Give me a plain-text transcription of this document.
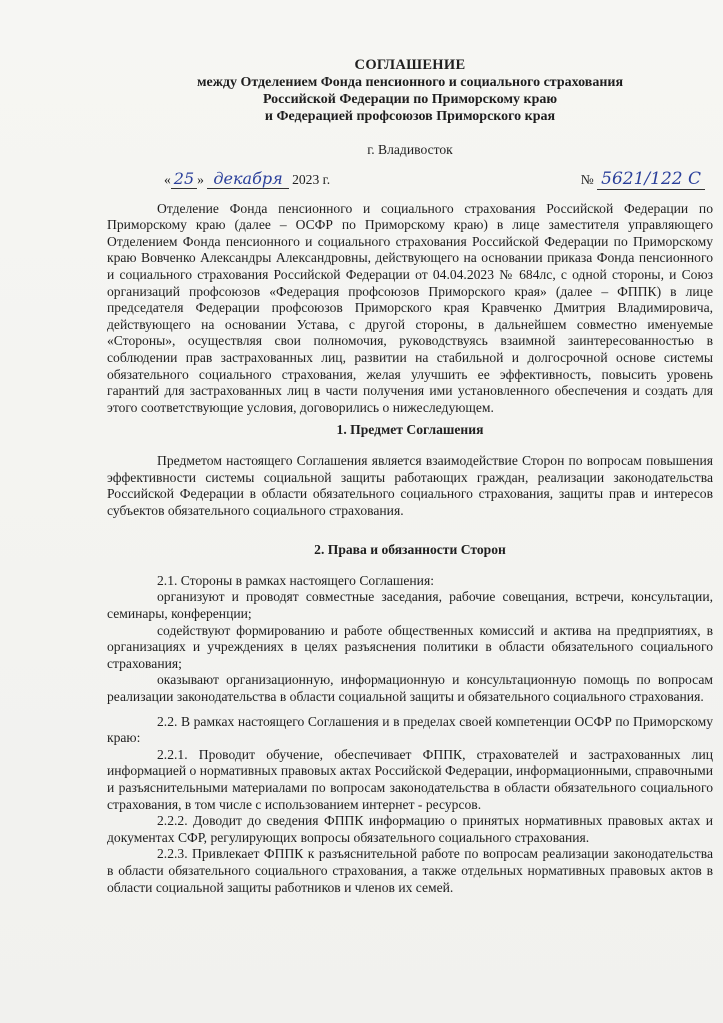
СОГЛАШЕНИЕ
между Отделением Фонда пенсионного и социального страхования
Российской Федерации по Приморскому краю
и Федерацией профсоюзов Приморского края
г. Владивосток
« 25 » декабря 2023 г.	№ 5621/122 С

Отделение Фонда пенсионного и социального страхования Российской Федерации по Приморскому краю (далее – ОСФР по Приморскому краю) в лице заместителя управляющего Отделением Фонда пенсионного и социального страхования Российской Федерации по Приморскому краю Вовченко Александры Александровны, действующего на основании приказа Фонда пенсионного и социального страхования Российской Федерации от 04.04.2023 № 684лс, с одной стороны, и Союз организаций профсоюзов «Федерация профсоюзов Приморского края» (далее – ФППК) в лице председателя Федерации профсоюзов Приморского края Кравченко Дмитрия Владимировича, действующего на основании Устава, с другой стороны, в дальнейшем совместно именуемые «Стороны», осуществляя свои полномочия, руководствуясь взаимной заинтересованностью в соблюдении прав застрахованных лиц, развитии на стабильной и долгосрочной основе системы обязательного социального страхования, желая улучшить ее эффективность, повысить уровень гарантий для застрахованных лиц в части получения ими установленного обеспечения и создать для этого соответствующие условия, договорились о нижеследующем.

1. Предмет Соглашения

Предметом настоящего Соглашения является взаимодействие Сторон по вопросам повышения эффективности системы социальной защиты работающих граждан, реализации законодательства Российской Федерации в области обязательного социального страхования, защиты прав и интересов субъектов обязательного социального страхования.

2. Права и обязанности Сторон

2.1. Стороны в рамках настоящего Соглашения:

организуют и проводят совместные заседания, рабочие совещания, встречи, консультации, семинары, конференции;

содействуют формированию и работе общественных комиссий и актива на предприятиях, в организациях и учреждениях в целях разъяснения политики в области обязательного социального страхования;

оказывают организационную, информационную и консультационную помощь по вопросам реализации законодательства в области социальной защиты и обязательного социального страхования.

2.2. В рамках настоящего Соглашения и в пределах своей компетенции ОСФР по Приморскому краю:

2.2.1. Проводит обучение, обеспечивает ФППК, страхователей и застрахованных лиц информацией о нормативных правовых актах Российской Федерации, информационными, справочными и разъяснительными материалами по вопросам законодательства в области обязательного социального страхования, в том числе с использованием интернет - ресурсов.

2.2.2. Доводит до сведения ФППК информацию о принятых нормативных правовых актах и документах СФР, регулирующих вопросы обязательного социального страхования.

2.2.3. Привлекает ФППК к разъяснительной работе по вопросам реализации законодательства в области обязательного социального страхования, а также отдельных нормативных правовых актов в области социальной защиты работников и членов их семей.
